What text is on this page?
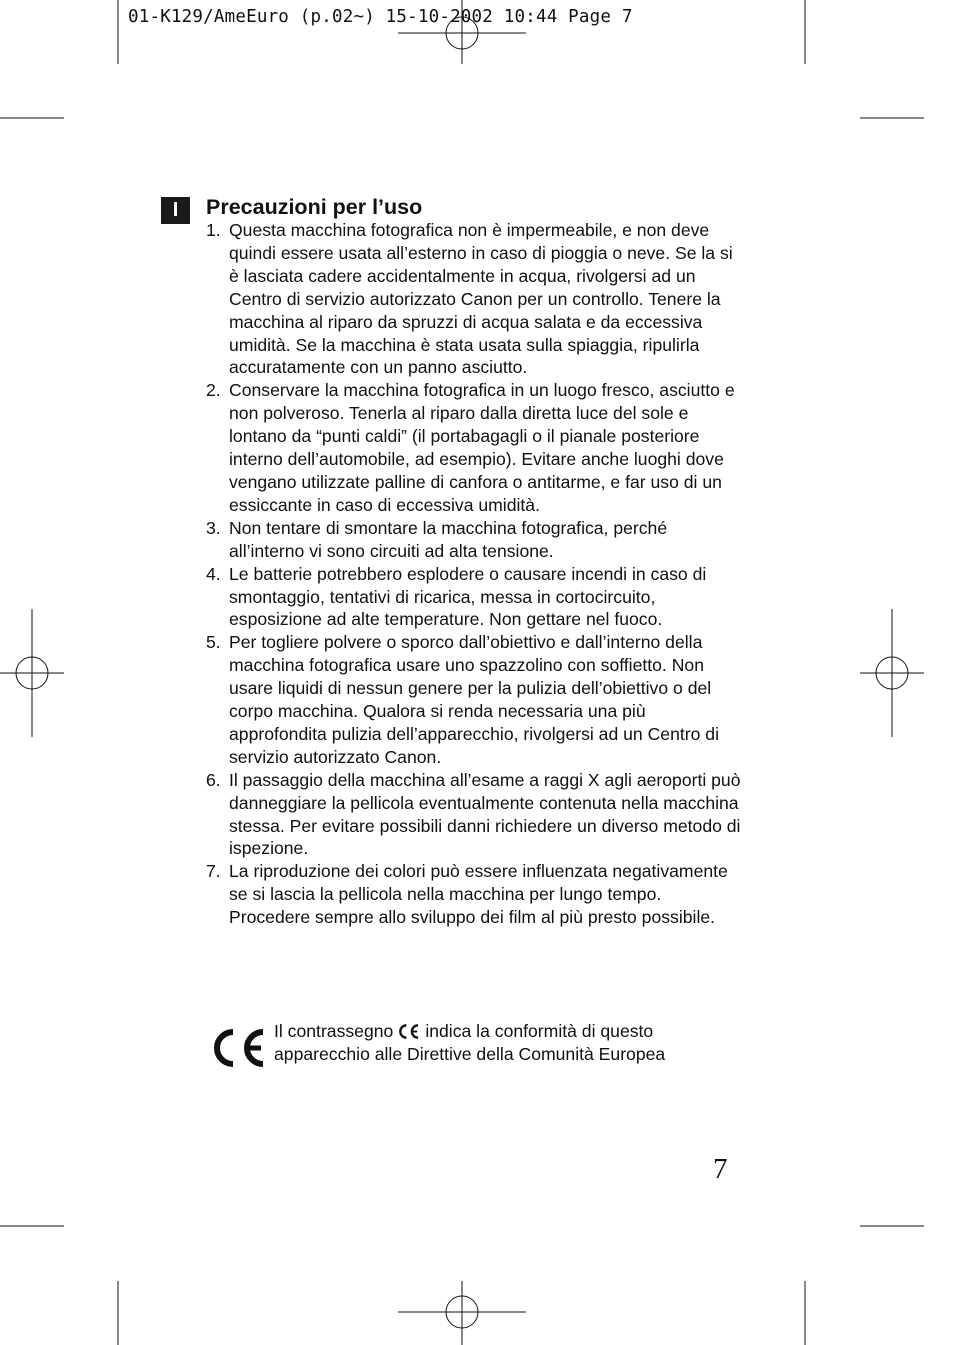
01-K129/AmeEuro (p.02~) 15-10-2002 10:44 Page 7
I	Precauzioni per l’uso
1. Questa macchina fotografica non è impermeabile, e non deve quindi essere usata all’esterno in caso di pioggia o neve. Se la si è lasciata cadere accidentalmente in acqua, rivolgersi ad un Centro di servizio autorizzato Canon per un controllo. Tenere la macchina al riparo da spruzzi di acqua salata e da eccessiva umidità. Se la macchina è stata usata sulla spiaggia, ripulirla accuratamente con un panno asciutto.
2. Conservare la macchina fotografica in un luogo fresco, asciutto e non polveroso. Tenerla al riparo dalla diretta luce del sole e lontano da “punti caldi” (il portabagagli o il pianale posteriore interno dell’automobile, ad esempio). Evitare anche luoghi dove vengano utilizzate palline di canfora o antitarme, e far uso di un essiccante in caso di eccessiva umidità.
3. Non tentare di smontare la macchina fotografica, perché all’interno vi sono circuiti ad alta tensione.
4. Le batterie potrebbero esplodere o causare incendi in caso di smontaggio, tentativi di ricarica, messa in cortocircuito, esposizione ad alte temperature. Non gettare nel fuoco.
5. Per togliere polvere o sporco dall’obiettivo e dall’interno della macchina fotografica usare uno spazzolino con soffietto. Non usare liquidi di nessun genere per la pulizia dell’obiettivo o del corpo macchina. Qualora si renda necessaria una più approfondita pulizia dell’apparecchio, rivolgersi ad un Centro di servizio autorizzato Canon.
6. Il passaggio della macchina all’esame a raggi X agli aeroporti può danneggiare la pellicola eventualmente contenuta nella macchina stessa. Per evitare possibili danni richiedere un diverso metodo di ispezione.
7. La riproduzione dei colori può essere influenzata negativamente se si lascia la pellicola nella macchina per lungo tempo. Procedere sempre allo sviluppo dei film al più presto possibile.
Il contrassegno indica la conformità di questo
apparecchio alle Direttive della Comunità Europea
7
